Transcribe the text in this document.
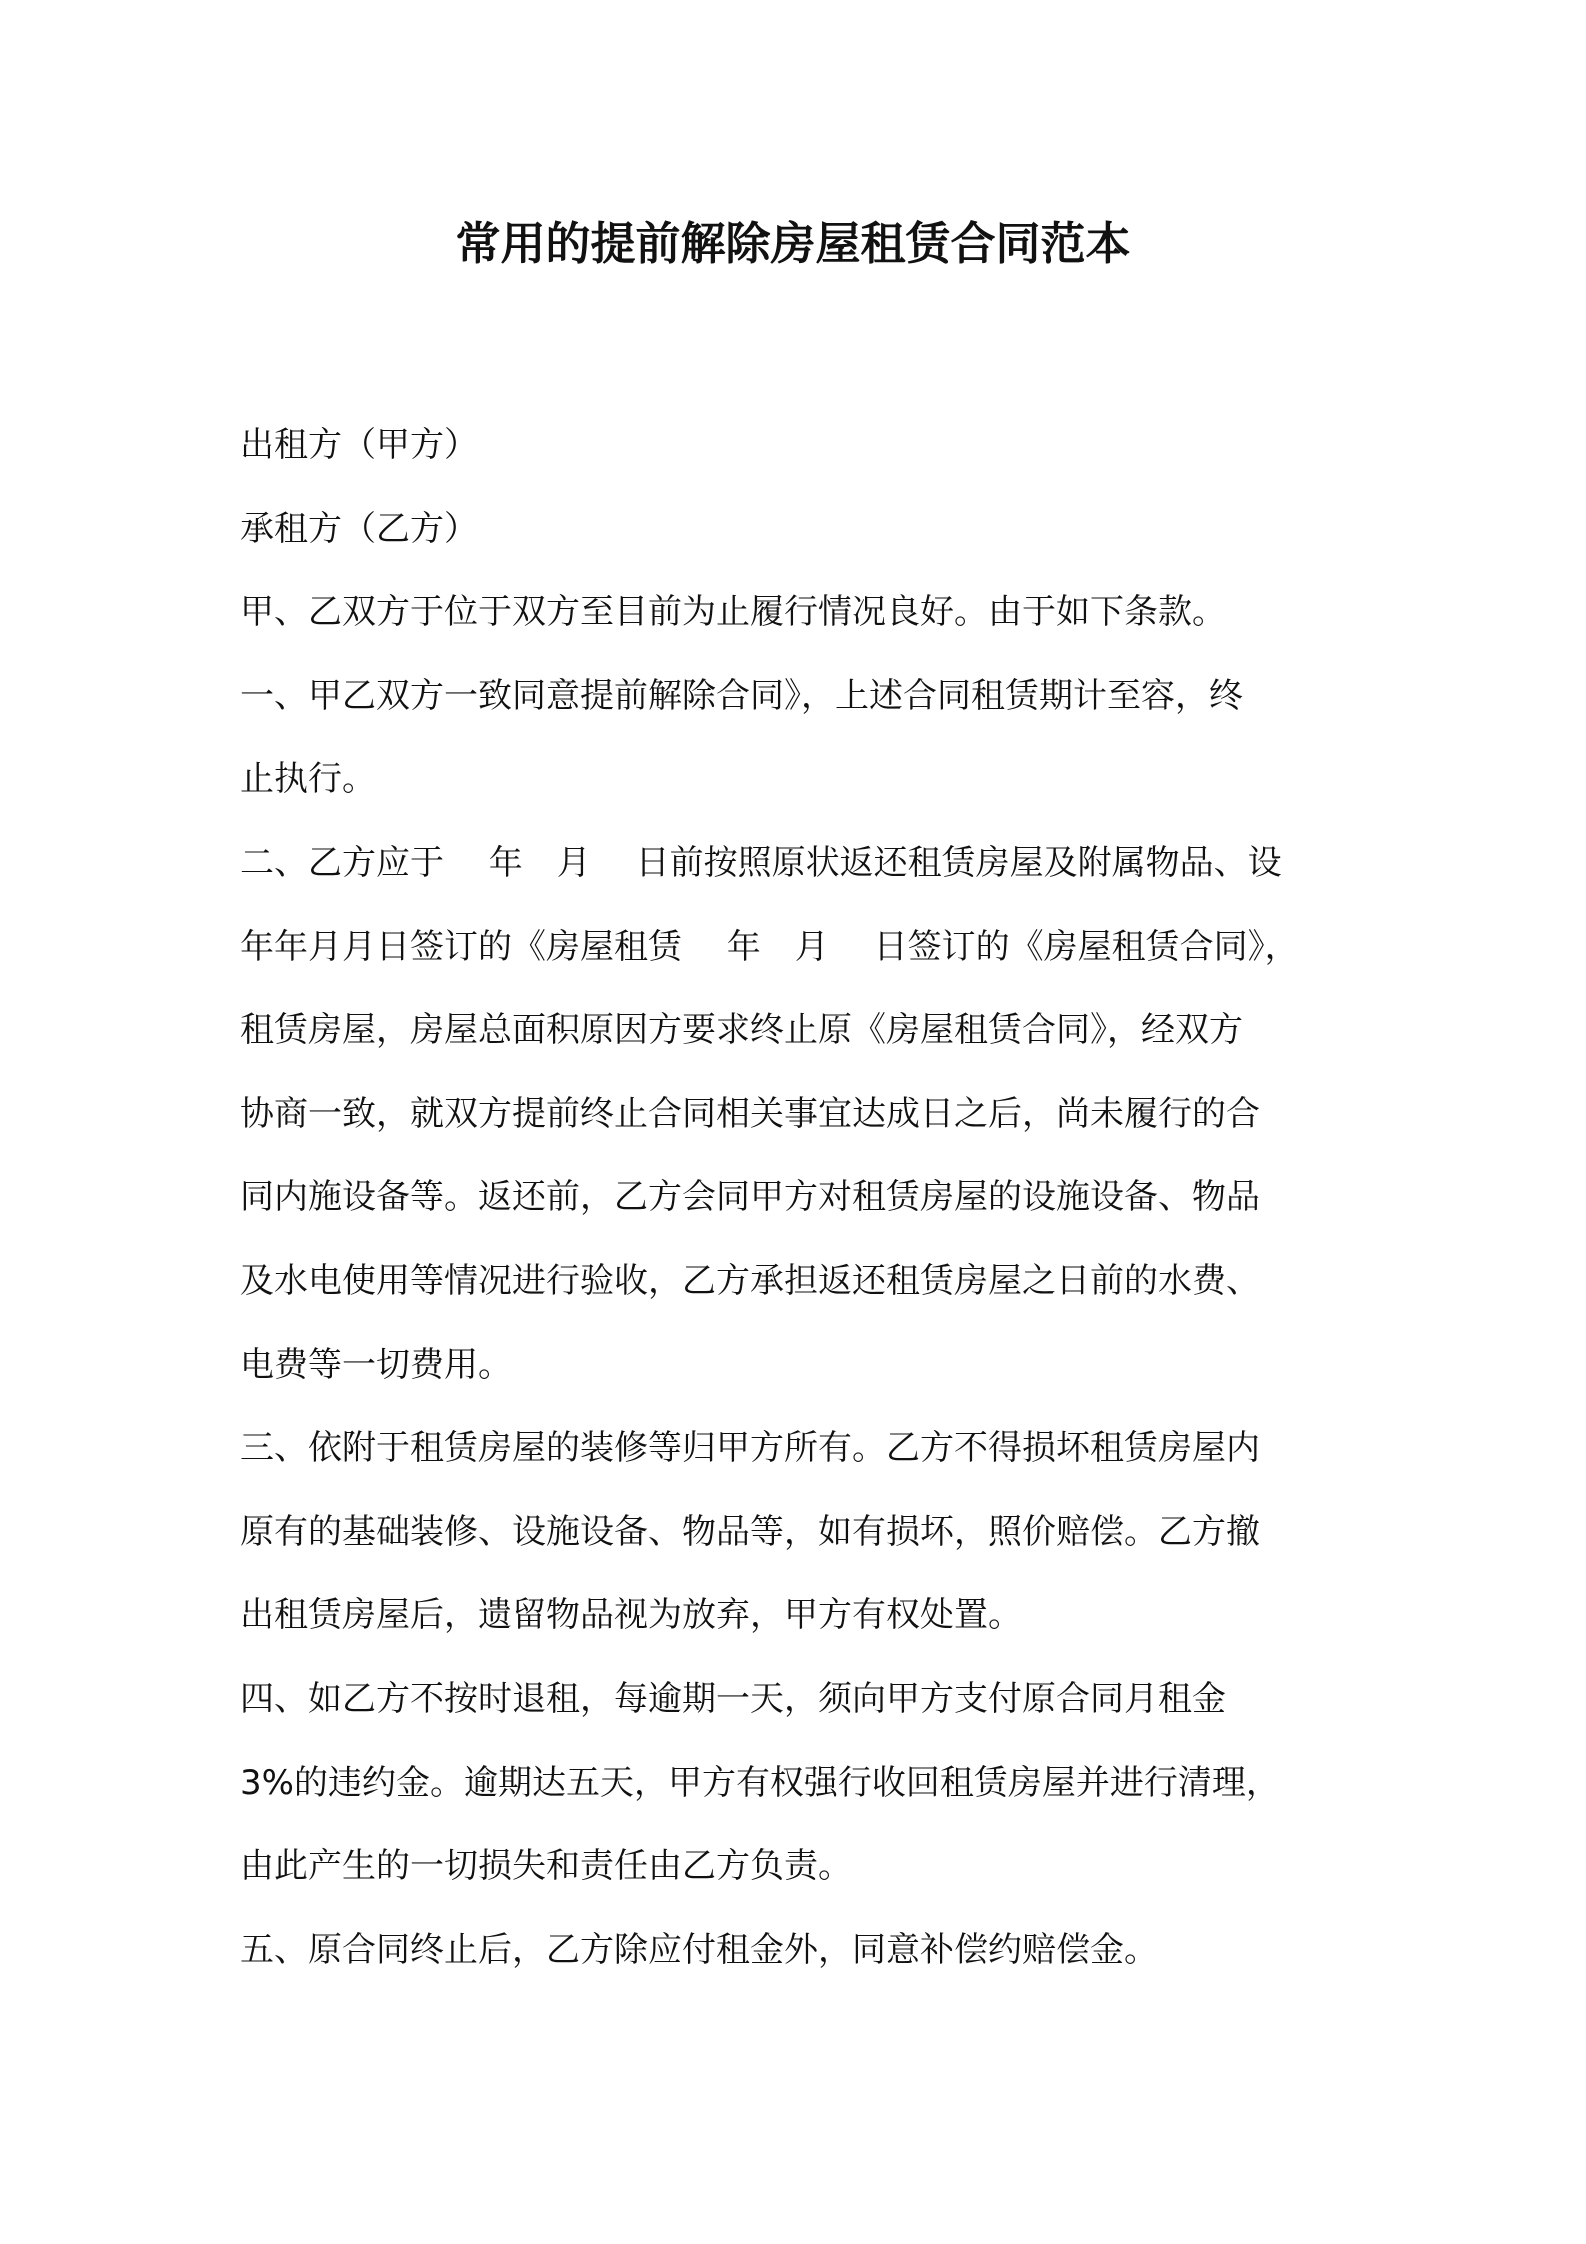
常用的提前解除房屋租赁合同范本
出租方（甲方）
承租方（乙方）
甲、乙双方于位于双方至目前为止履行情况良好。由于如下条款。
一、甲乙双方一致同意提前解除合同》，上述合同租赁期计至容，终
止执行。
二、乙方应于　 年　月　 日前按照原状返还租赁房屋及附属物品、设
年年月月日签订的《房屋租赁　 年　月　 日签订的《房屋租赁合同》，
租赁房屋，房屋总面积原因方要求终止原《房屋租赁合同》，经双方
协商一致，就双方提前终止合同相关事宜达成日之后，尚未履行的合
同内施设备等。返还前，乙方会同甲方对租赁房屋的设施设备、物品
及水电使用等情况进行验收，乙方承担返还租赁房屋之日前的水费、
电费等一切费用。
三、依附于租赁房屋的装修等归甲方所有。乙方不得损坏租赁房屋内
原有的基础装修、设施设备、物品等，如有损坏，照价赔偿。乙方撤
出租赁房屋后，遗留物品视为放弃，甲方有权处置。
四、如乙方不按时退租，每逾期一天，须向甲方支付原合同月租金
3%的违约金。逾期达五天，甲方有权强行收回租赁房屋并进行清理，
由此产生的一切损失和责任由乙方负责。
五、原合同终止后，乙方除应付租金外，同意补偿约赔偿金。
